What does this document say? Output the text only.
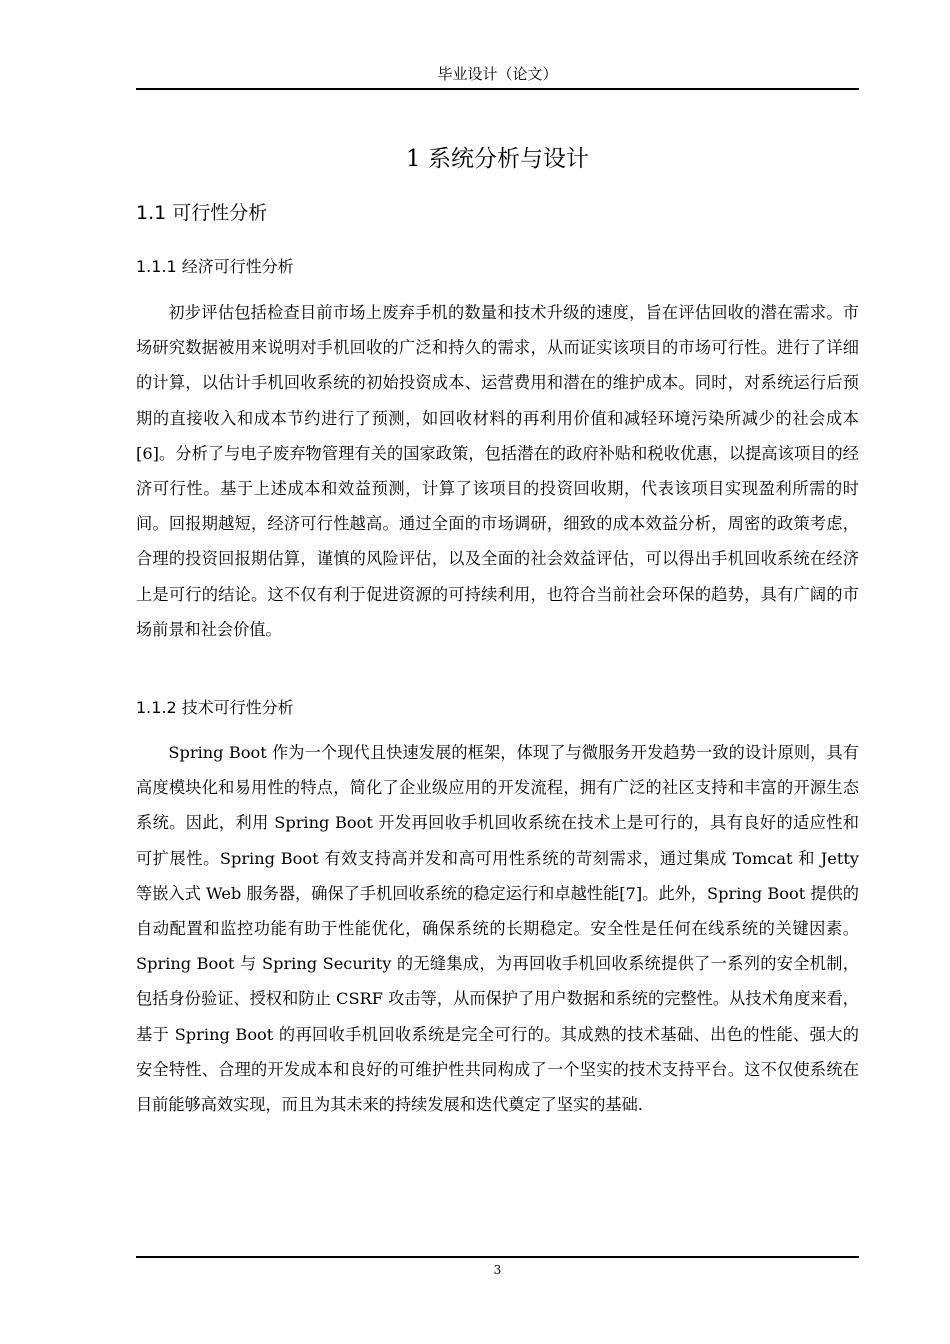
毕业设计（论文）
1 系统分析与设计
1.1 可行性分析
1.1.1 经济可行性分析

初步评估包括检查目前市场上废弃手机的数量和技术升级的速度，旨在评估回收的潜在需求。市场研究数据被用来说明对手机回收的广泛和持久的需求，从而证实该项目的市场可行性。进行了详细的计算，以估计手机回收系统的初始投资成本、运营费用和潜在的维护成本。同时，对系统运行后预期的直接收入和成本节约进行了预测，如回收材料的再利用价值和减轻环境污染所减少的社会成本[6]。分析了与电子废弃物管理有关的国家政策，包括潜在的政府补贴和税收优惠，以提高该项目的经济可行性。基于上述成本和效益预测，计算了该项目的投资回收期，代表该项目实现盈利所需的时间。回报期越短，经济可行性越高。通过全面的市场调研，细致的成本效益分析，周密的政策考虑，合理的投资回报期估算，谨慎的风险评估，以及全面的社会效益评估，可以得出手机回收系统在经济上是可行的结论。这不仅有利于促进资源的可持续利用，也符合当前社会环保的趋势，具有广阔的市场前景和社会价值。

1.1.2 技术可行性分析

Spring Boot 作为一个现代且快速发展的框架，体现了与微服务开发趋势一致的设计原则，具有高度模块化和易用性的特点，简化了企业级应用的开发流程，拥有广泛的社区支持和丰富的开源生态系统。因此，利用 Spring Boot 开发再回收手机回收系统在技术上是可行的，具有良好的适应性和可扩展性。Spring Boot 有效支持高并发和高可用性系统的苛刻需求，通过集成 Tomcat 和 Jetty 等嵌入式 Web 服务器，确保了手机回收系统的稳定运行和卓越性能[7]。此外，Spring Boot 提供的自动配置和监控功能有助于性能优化，确保系统的长期稳定。安全性是任何在线系统的关键因素。Spring Boot 与 Spring Security 的无缝集成，为再回收手机回收系统提供了一系列的安全机制，包括身份验证、授权和防止 CSRF 攻击等，从而保护了用户数据和系统的完整性。从技术角度来看，基于 Spring Boot 的再回收手机回收系统是完全可行的。其成熟的技术基础、出色的性能、强大的安全特性、合理的开发成本和良好的可维护性共同构成了一个坚实的技术支持平台。这不仅使系统在目前能够高效实现，而且为其未来的持续发展和迭代奠定了坚实的基础.

3
